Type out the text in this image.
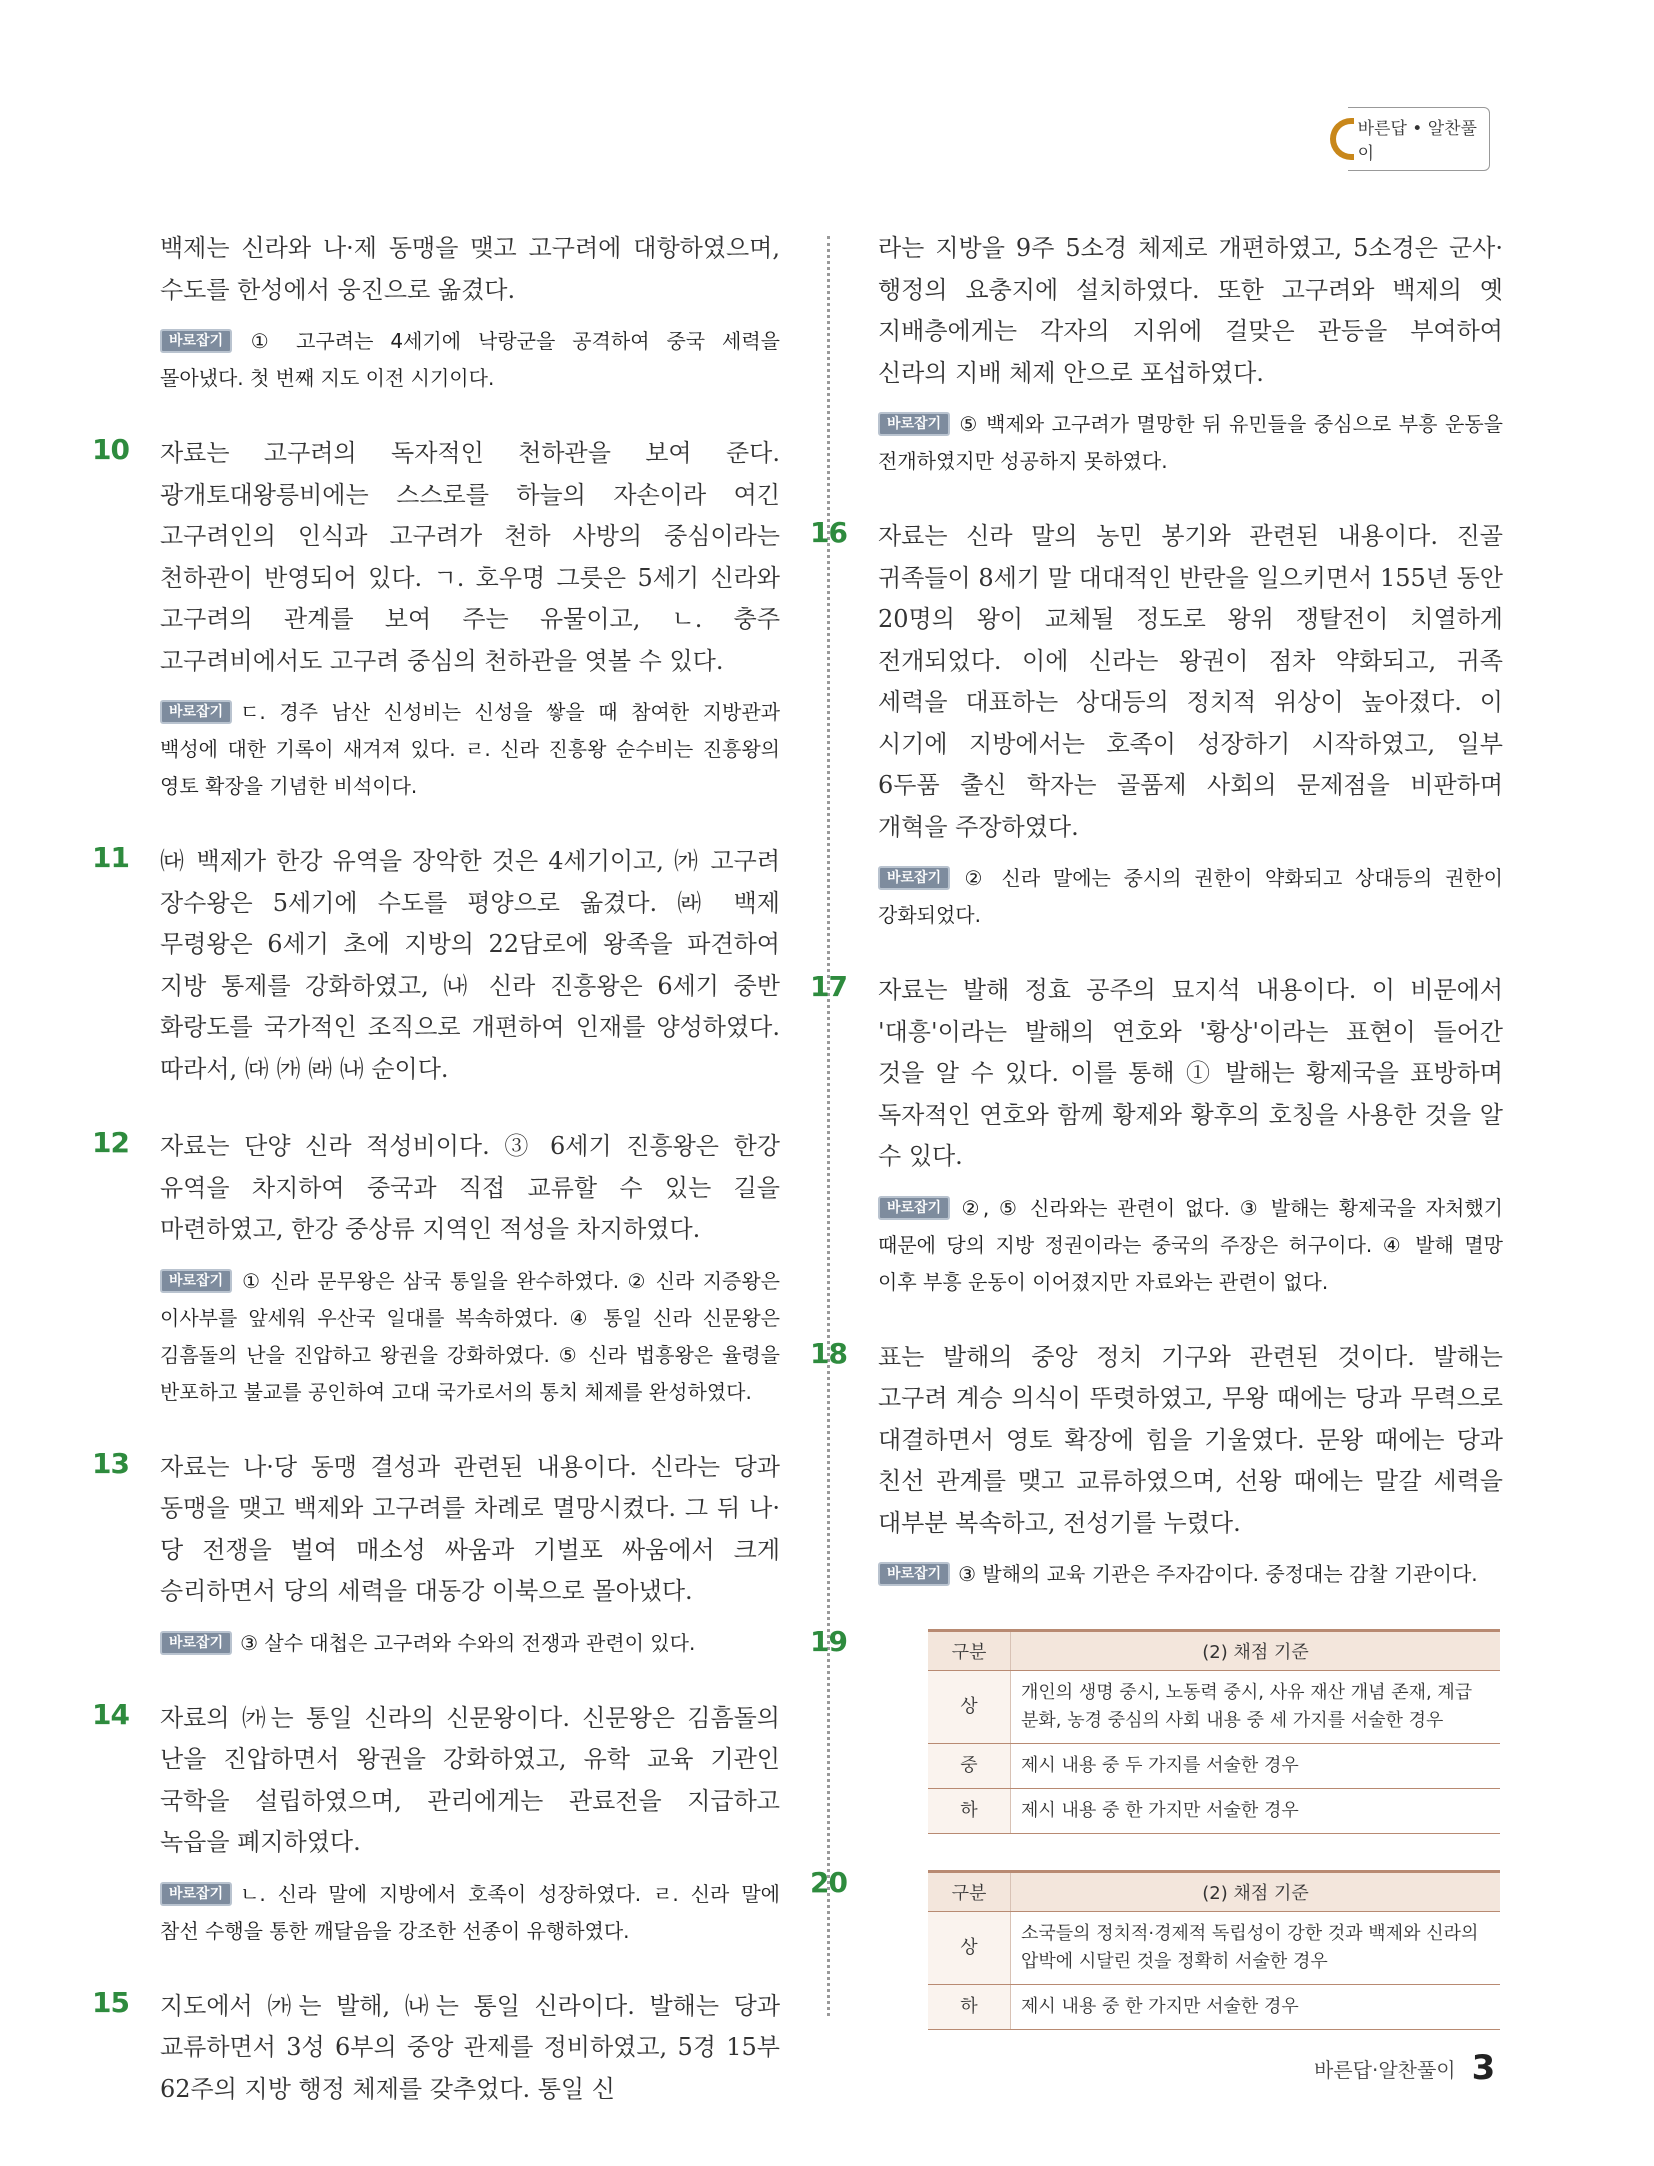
바른답 • 알찬풀이

백제는 신라와 나·제 동맹을 맺고 고구려에 대항하였으며, 수도를 한성에서 웅진으로 옮겼다.

바로잡기 ① 고구려는 4세기에 낙랑군을 공격하여 중국 세력을 몰아냈다. 첫 번째 지도 이전 시기이다.

10 자료는 고구려의 독자적인 천하관을 보여 준다. 광개토대왕릉비에는 스스로를 하늘의 자손이라 여긴 고구려인의 인식과 고구려가 천하 사방의 중심이라는 천하관이 반영되어 있다. ㄱ. 호우명 그릇은 5세기 신라와 고구려의 관계를 보여 주는 유물이고, ㄴ. 충주 고구려비에서도 고구려 중심의 천하관을 엿볼 수 있다.

바로잡기 ㄷ. 경주 남산 신성비는 신성을 쌓을 때 참여한 지방관과 백성에 대한 기록이 새겨져 있다. ㄹ. 신라 진흥왕 순수비는 진흥왕의 영토 확장을 기념한 비석이다.

11 ㈐ 백제가 한강 유역을 장악한 것은 4세기이고, ㈎ 고구려 장수왕은 5세기에 수도를 평양으로 옮겼다. ㈑ 백제 무령왕은 6세기 초에 지방의 22담로에 왕족을 파견하여 지방 통제를 강화하였고, ㈏ 신라 진흥왕은 6세기 중반 화랑도를 국가적인 조직으로 개편하여 인재를 양성하였다. 따라서, ㈐ ㈎ ㈑ ㈏ 순이다.

12 자료는 단양 신라 적성비이다. ③ 6세기 진흥왕은 한강 유역을 차지하여 중국과 직접 교류할 수 있는 길을 마련하였고, 한강 중상류 지역인 적성을 차지하였다.

바로잡기 ① 신라 문무왕은 삼국 통일을 완수하였다. ② 신라 지증왕은 이사부를 앞세워 우산국 일대를 복속하였다. ④ 통일 신라 신문왕은 김흠돌의 난을 진압하고 왕권을 강화하였다. ⑤ 신라 법흥왕은 율령을 반포하고 불교를 공인하여 고대 국가로서의 통치 체제를 완성하였다.

13 자료는 나·당 동맹 결성과 관련된 내용이다. 신라는 당과 동맹을 맺고 백제와 고구려를 차례로 멸망시켰다. 그 뒤 나·당 전쟁을 벌여 매소성 싸움과 기벌포 싸움에서 크게 승리하면서 당의 세력을 대동강 이북으로 몰아냈다.

바로잡기 ③ 살수 대첩은 고구려와 수와의 전쟁과 관련이 있다.

14 자료의 ㈎는 통일 신라의 신문왕이다. 신문왕은 김흠돌의 난을 진압하면서 왕권을 강화하였고, 유학 교육 기관인 국학을 설립하였으며, 관리에게는 관료전을 지급하고 녹읍을 폐지하였다.

바로잡기 ㄴ. 신라 말에 지방에서 호족이 성장하였다. ㄹ. 신라 말에 참선 수행을 통한 깨달음을 강조한 선종이 유행하였다.

15 지도에서 ㈎는 발해, ㈏는 통일 신라이다. 발해는 당과 교류하면서 3성 6부의 중앙 관제를 정비하였고, 5경 15부 62주의 지방 행정 체제를 갖추었다. 통일 신

라는 지방을 9주 5소경 체제로 개편하였고, 5소경은 군사·행정의 요충지에 설치하였다. 또한 고구려와 백제의 옛 지배층에게는 각자의 지위에 걸맞은 관등을 부여하여 신라의 지배 체제 안으로 포섭하였다.

바로잡기 ⑤ 백제와 고구려가 멸망한 뒤 유민들을 중심으로 부흥 운동을 전개하였지만 성공하지 못하였다.

16 자료는 신라 말의 농민 봉기와 관련된 내용이다. 진골 귀족들이 8세기 말 대대적인 반란을 일으키면서 155년 동안 20명의 왕이 교체될 정도로 왕위 쟁탈전이 치열하게 전개되었다. 이에 신라는 왕권이 점차 약화되고, 귀족 세력을 대표하는 상대등의 정치적 위상이 높아졌다. 이 시기에 지방에서는 호족이 성장하기 시작하였고, 일부 6두품 출신 학자는 골품제 사회의 문제점을 비판하며 개혁을 주장하였다.

바로잡기 ② 신라 말에는 중시의 권한이 약화되고 상대등의 권한이 강화되었다.

17 자료는 발해 정효 공주의 묘지석 내용이다. 이 비문에서 '대흥'이라는 발해의 연호와 '황상'이라는 표현이 들어간 것을 알 수 있다. 이를 통해 ① 발해는 황제국을 표방하며 독자적인 연호와 함께 황제와 황후의 호칭을 사용한 것을 알 수 있다.

바로잡기 ②, ⑤ 신라와는 관련이 없다. ③ 발해는 황제국을 자처했기 때문에 당의 지방 정권이라는 중국의 주장은 허구이다. ④ 발해 멸망 이후 부흥 운동이 이어졌지만 자료와는 관련이 없다.

18 표는 발해의 중앙 정치 기구와 관련된 것이다. 발해는 고구려 계승 의식이 뚜렷하였고, 무왕 때에는 당과 무력으로 대결하면서 영토 확장에 힘을 기울였다. 문왕 때에는 당과 친선 관계를 맺고 교류하였으며, 선왕 때에는 말갈 세력을 대부분 복속하고, 전성기를 누렸다.

바로잡기 ③ 발해의 교육 기관은 주자감이다. 중정대는 감찰 기관이다.

19	구분	(2) 채점 기준
상	개인의 생명 중시, 노동력 중시, 사유 재산 개념 존재, 계급 분화, 농경 중심의 사회 내용 중 세 가지를 서술한 경우
중	제시 내용 중 두 가지를 서술한 경우
하	제시 내용 중 한 가지만 서술한 경우
20	구분	(2) 채점 기준
상	소국들의 정치적·경제적 독립성이 강한 것과 백제와 신라의 압박에 시달린 것을 정확히 서술한 경우
하	제시 내용 중 한 가지만 서술한 경우
바른답·알찬풀이 3
